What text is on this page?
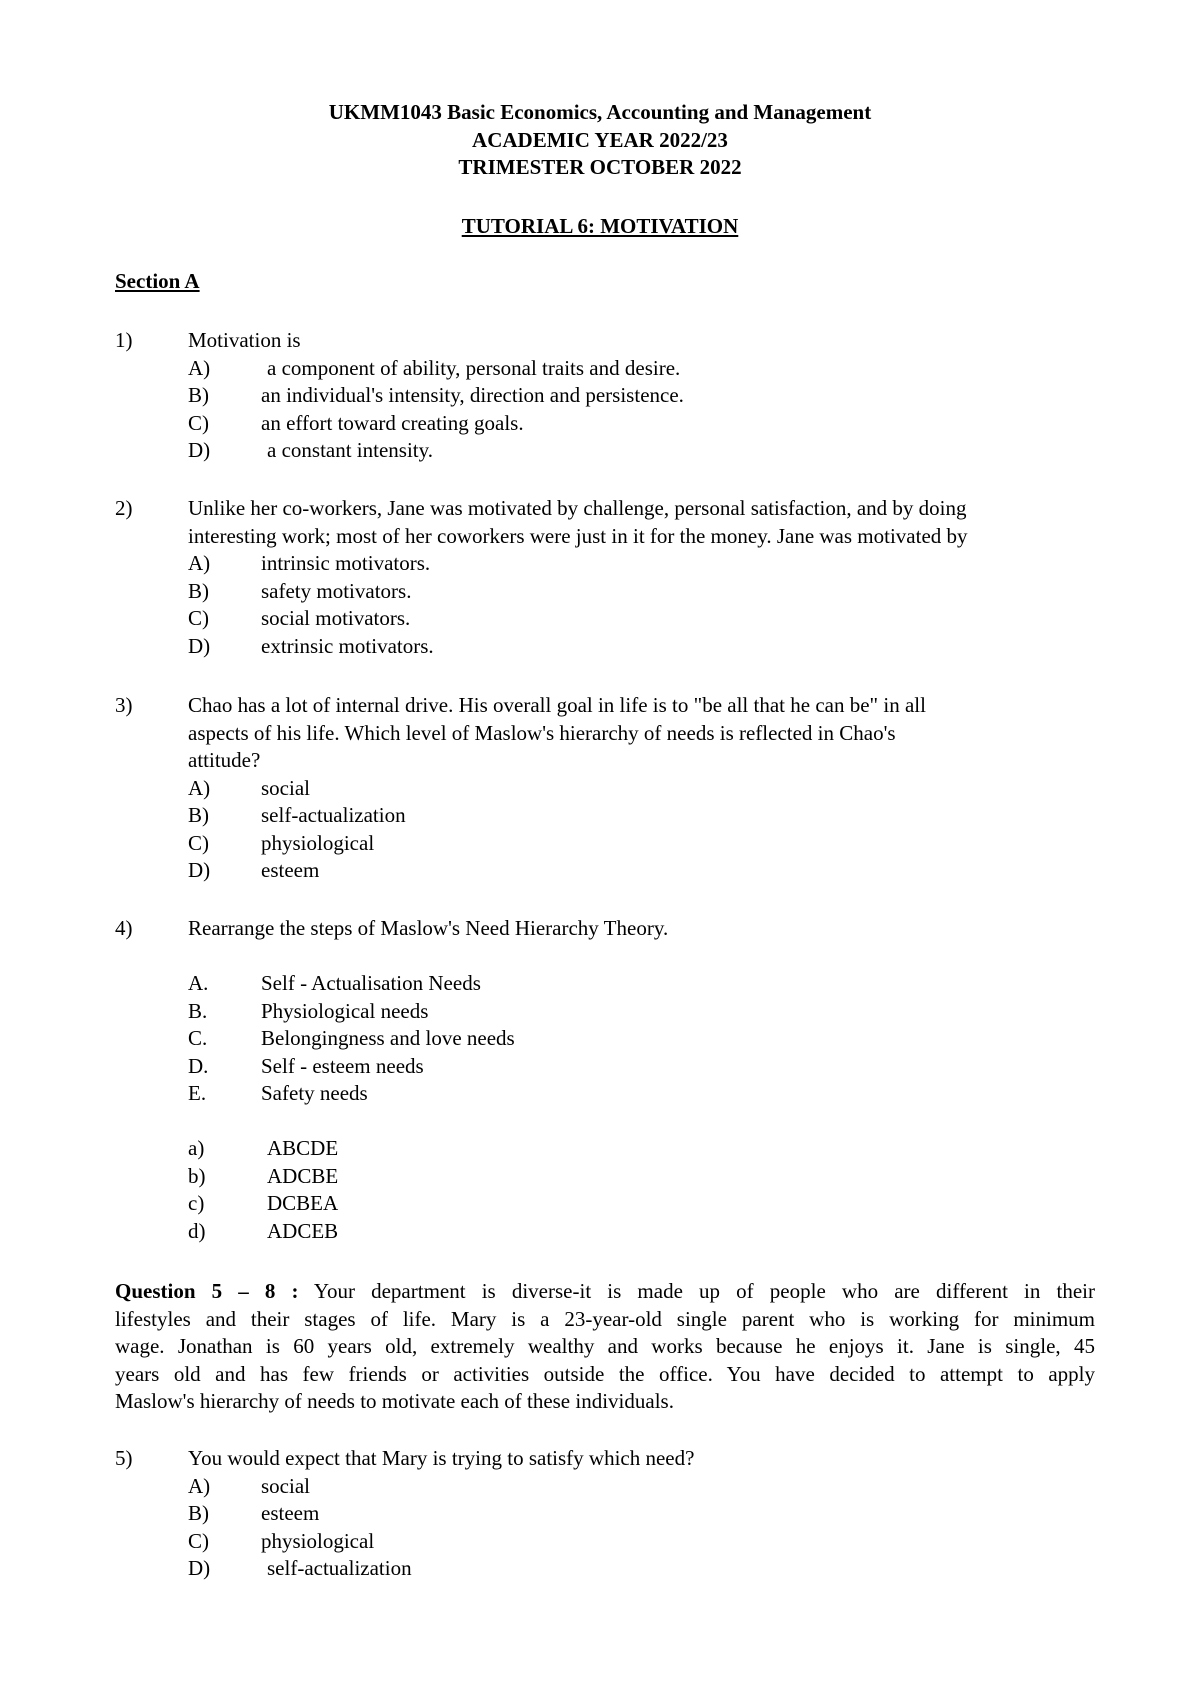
UKMM1043 Basic Economics, Accounting and Management
ACADEMIC YEAR 2022/23
TRIMESTER OCTOBER 2022
TUTORIAL 6: MOTIVATION
Section A
1)	Motivation is
A)	a component of ability, personal traits and desire.
B)	an individual's intensity, direction and persistence.
C)	an effort toward creating goals.
D)	a constant intensity.
2)	Unlike her co-workers, Jane was motivated by challenge, personal satisfaction, and by doing
interesting work; most of her coworkers were just in it for the money. Jane was motivated by
A)	intrinsic motivators.
B)	safety motivators.
C)	social motivators.
D)	extrinsic motivators.
3)	Chao has a lot of internal drive. His overall goal in life is to "be all that he can be" in all
aspects of his life. Which level of Maslow's hierarchy of needs is reflected in Chao's
attitude?
A)	social
B)	self-actualization
C)	physiological
D)	esteem
4)	Rearrange the steps of Maslow's Need Hierarchy Theory.
A.	Self - Actualisation Needs
B.	Physiological needs
C.	Belongingness and love needs
D.	Self - esteem needs
E.	Safety needs
a)	ABCDE
b)	ADCBE
c)	DCBEA
d)	ADCEB
Question 5 – 8 : Your department is diverse-it is made up of people who are different in their
lifestyles and their stages of life. Mary is a 23-year-old single parent who is working for minimum
wage. Jonathan is 60 years old, extremely wealthy and works because he enjoys it. Jane is single, 45
years old and has few friends or activities outside the office. You have decided to attempt to apply
Maslow's hierarchy of needs to motivate each of these individuals.
5)	You would expect that Mary is trying to satisfy which need?
A)	social
B)	esteem
C)	physiological
D)	self-actualization
